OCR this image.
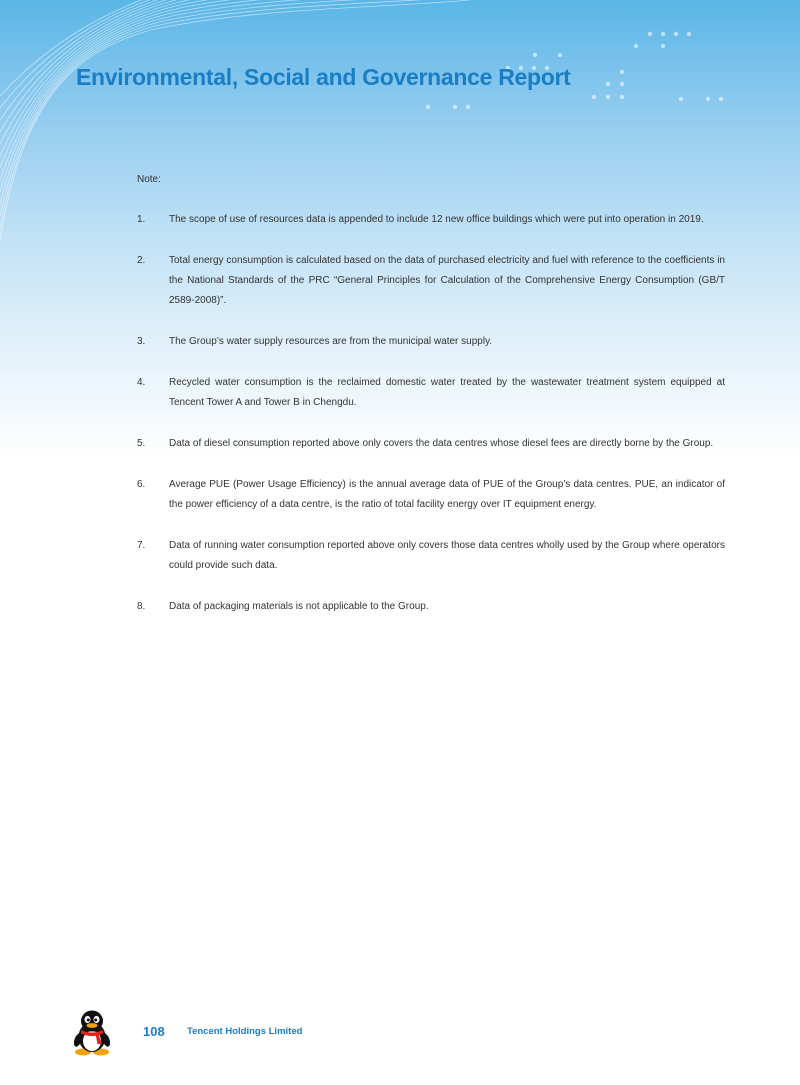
Environmental, Social and Governance Report

Note:

1.	The scope of use of resources data is appended to include 12 new office buildings which were put into operation in 2019.
2.	Total energy consumption is calculated based on the data of purchased electricity and fuel with reference to the coefficients in the National Standards of the PRC “General Principles for Calculation of the Comprehensive Energy Consumption (GB/T 2589-2008)”.
3.	The Group’s water supply resources are from the municipal water supply.
4.	Recycled water consumption is the reclaimed domestic water treated by the wastewater treatment system equipped at Tencent Tower A and Tower B in Chengdu.
5.	Data of diesel consumption reported above only covers the data centres whose diesel fees are directly borne by the Group.
6.	Average PUE (Power Usage Efficiency) is the annual average data of PUE of the Group’s data centres. PUE, an indicator of the power efficiency of a data centre, is the ratio of total facility energy over IT equipment energy.
7.	Data of running water consumption reported above only covers those data centres wholly used by the Group where operators could provide such data.
8.	Data of packaging materials is not applicable to the Group.
108 Tencent Holdings Limited
